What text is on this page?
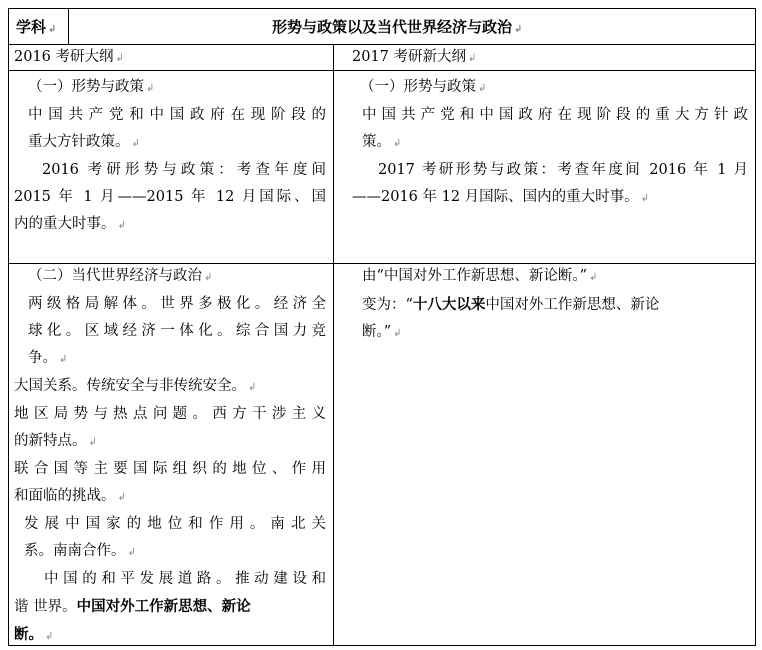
学科 ↲	形势与政策以及当代世界经济与政治 ↲
2016 考研大纲 ↲	2017 考研新大纲 ↲
（一）形势与政策 ↲
中国共产党和中国政府在现阶段的
重大方针政策。 ↲
2016 考研形势与政策：考查年度间
2015 年 1 月——2015 年 12 月国际、国
内的重大时事。 ↲
（一）形势与政策 ↲
中国共产党和中国政府在现阶段的重大方针政
策。 ↲
2017 考研形势与政策：考查年度间 2016 年 1 月
——2016 年 12 月国际、国内的重大时事。 ↲
（二）当代世界经济与政治 ↲
两级格局解体。世界多极化。经济全
球化。区域经济一体化。综合国力竞
争。 ↲
大国关系。传统安全与非传统安全。 ↲
地区局势与热点问题。西方干涉主义
的新特点。 ↲
联合国等主要国际组织的地位、作用
和面临的挑战。 ↲
发展中国家的地位和作用。南北关
系。南南合作。 ↲
中国的和平发展道路。推动建设和
谐 世界。中国对外工作新思想、新论
断。 ↲
由“中国对外工作新思想、新论断。” ↲
变为：“十八大以来中国对外工作新思想、新论
断。” ↲
